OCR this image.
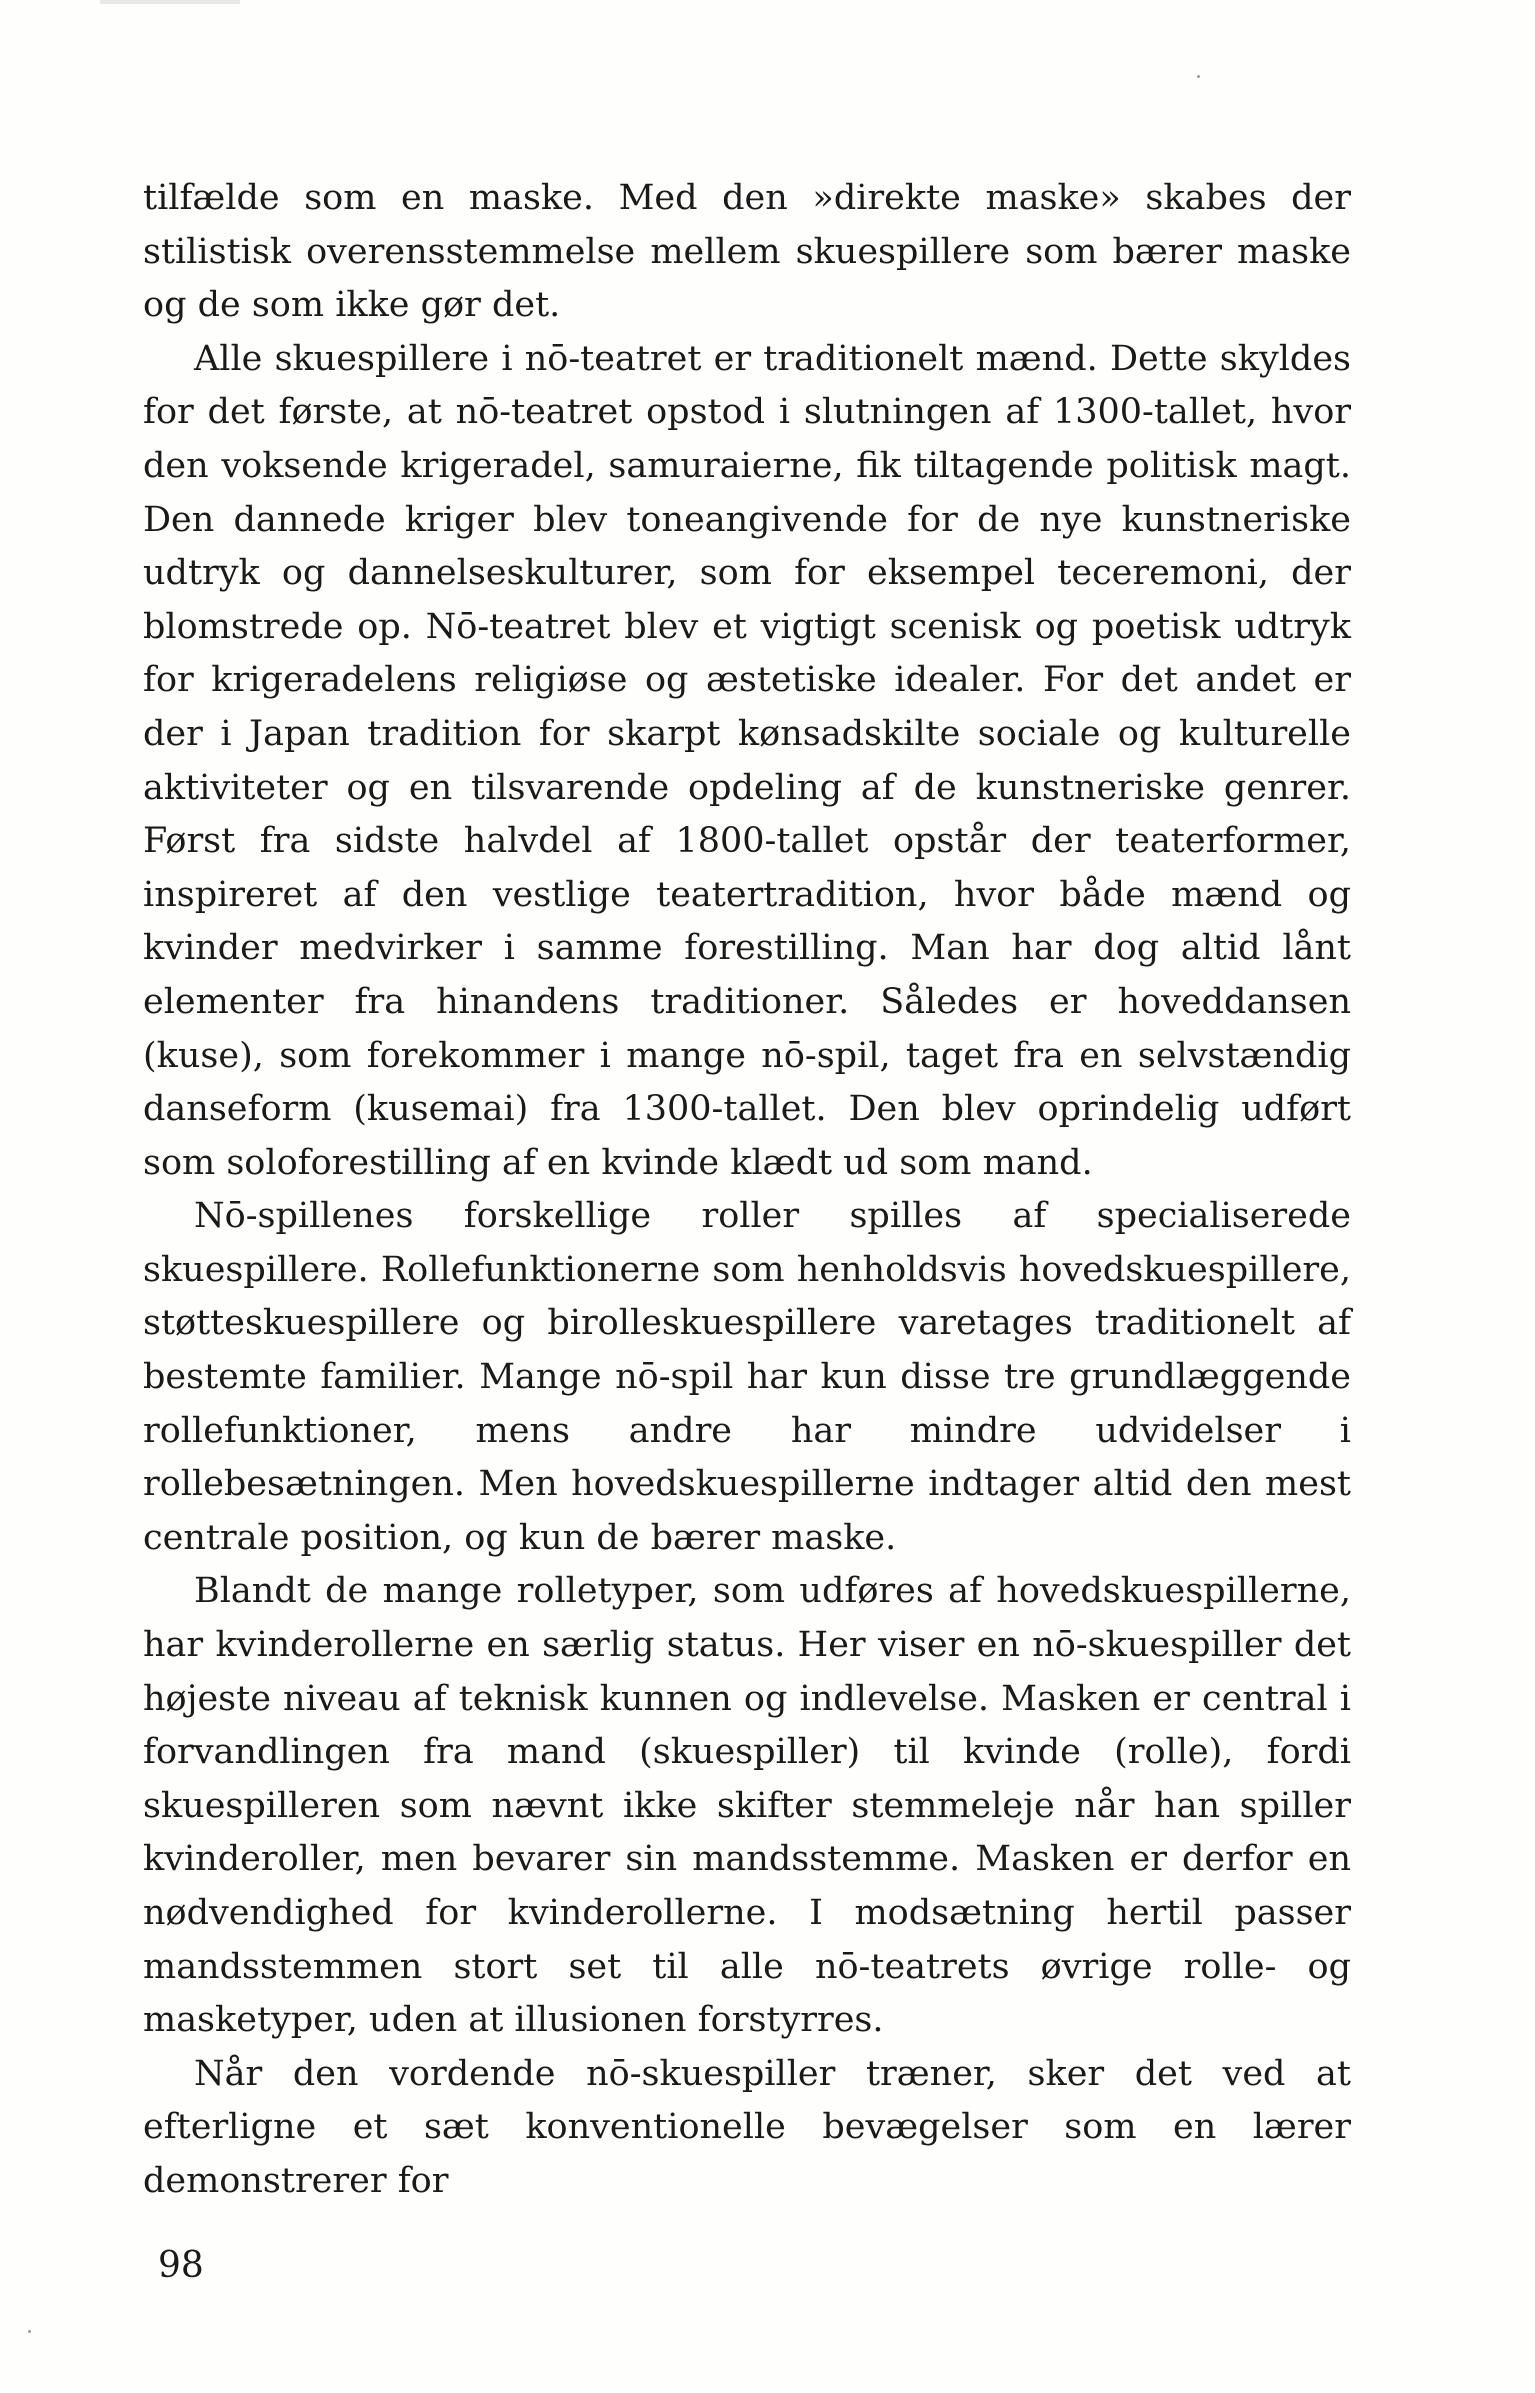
tilfælde som en maske. Med den »direkte maske» skabes der stilistisk overensstemmelse mellem skuespillere som bærer maske og de som ikke gør det.

Alle skuespillere i nō-teatret er traditionelt mænd. Dette skyldes for det første, at nō-teatret opstod i slutningen af 1300-tallet, hvor den voksende krigeradel, samuraierne, fik tiltagende politisk magt. Den dannede kriger blev toneangivende for de nye kunstneriske udtryk og dannelseskulturer, som for eksempel teceremoni, der blomstrede op. Nō-teatret blev et vigtigt scenisk og poetisk udtryk for krigeradelens religiøse og æstetiske idealer. For det andet er der i Japan tradition for skarpt kønsadskilte sociale og kulturelle aktiviteter og en tilsvarende opdeling af de kunstneriske genrer. Først fra sidste halvdel af 1800-tallet opstår der teaterformer, inspireret af den vestlige teatertradition, hvor både mænd og kvinder medvirker i samme forestilling. Man har dog altid lånt elementer fra hinandens traditioner. Således er hoveddansen (kuse), som forekommer i mange nō-spil, taget fra en selvstændig danseform (kusemai) fra 1300-tallet. Den blev oprindelig udført som soloforestilling af en kvinde klædt ud som mand.

Nō-spillenes forskellige roller spilles af specialiserede skuespillere. Rollefunktionerne som henholdsvis hovedskuespillere, støtteskuespillere og birolleskuespillere varetages traditionelt af bestemte familier. Mange nō-spil har kun disse tre grundlæggende rollefunktioner, mens andre har mindre udvidelser i rollebesætningen. Men hovedskuespillerne indtager altid den mest centrale position, og kun de bærer maske.

Blandt de mange rolletyper, som udføres af hovedskuespillerne, har kvinderollerne en særlig status. Her viser en nō-skuespiller det højeste niveau af teknisk kunnen og indlevelse. Masken er central i forvandlingen fra mand (skuespiller) til kvinde (rolle), fordi skuespilleren som nævnt ikke skifter stemmeleje når han spiller kvinderoller, men bevarer sin mandsstemme. Masken er derfor en nødvendighed for kvinderollerne. I modsætning hertil passer mandsstemmen stort set til alle nō-teatrets øvrige rolle- og masketyper, uden at illusionen forstyrres.

Når den vordende nō-skuespiller træner, sker det ved at efterligne et sæt konventionelle bevægelser som en lærer demonstrerer for

98
